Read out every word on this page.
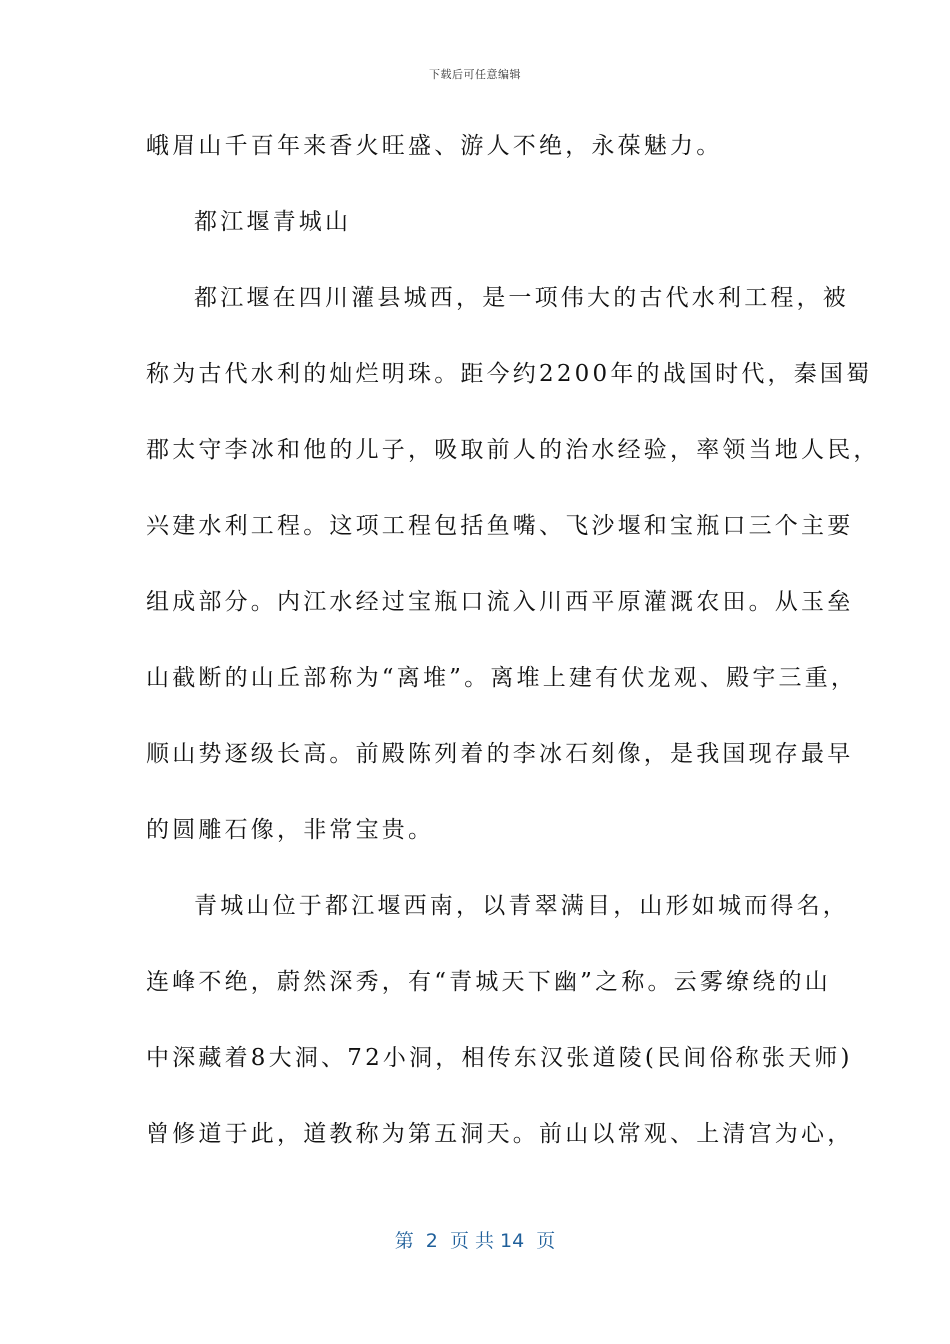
下载后可任意编辑
峨眉山千百年来香火旺盛、游人不绝，永葆魅力。
都江堰青城山
都江堰在四川灌县城西，是一项伟大的古代水利工程，被
称为古代水利的灿烂明珠。距今约2200年的战国时代，秦国蜀
郡太守李冰和他的儿子，吸取前人的治水经验，率领当地人民，
兴建水利工程。这项工程包括鱼嘴、飞沙堰和宝瓶口三个主要
组成部分。内江水经过宝瓶口流入川西平原灌溉农田。从玉垒
山截断的山丘部称为“离堆”。离堆上建有伏龙观、殿宇三重，
顺山势逐级长高。前殿陈列着的李冰石刻像，是我国现存最早
的圆雕石像，非常宝贵。
青城山位于都江堰西南，以青翠满目，山形如城而得名，
连峰不绝，蔚然深秀，有“青城天下幽”之称。云雾缭绕的山
中深藏着8大洞、72小洞，相传东汉张道陵(民间俗称张天师)
曾修道于此，道教称为第五洞天。前山以常观、上清宫为心，
第  2  页 共 14  页
